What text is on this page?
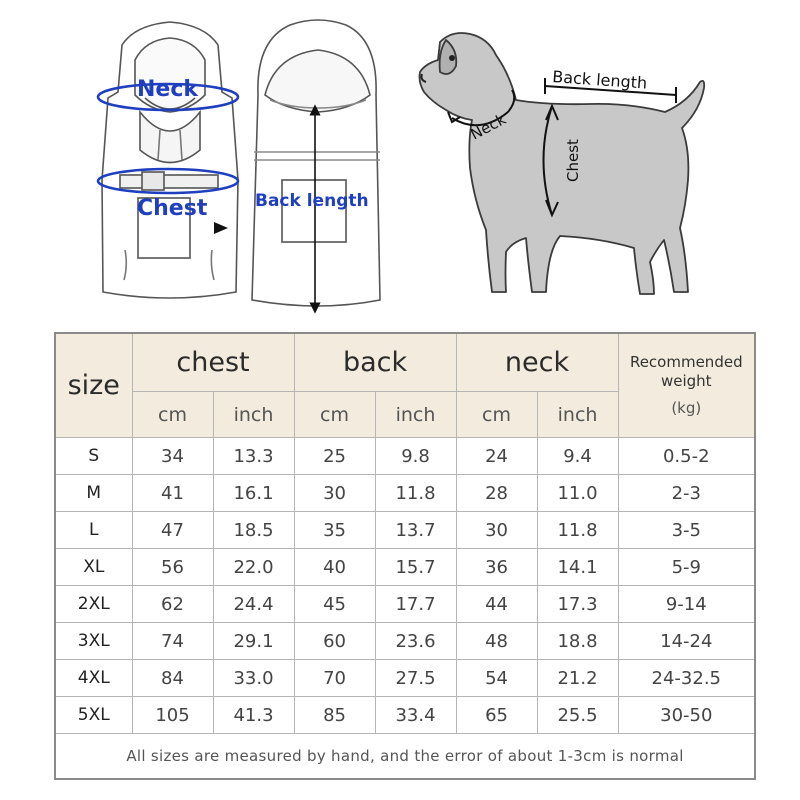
Neck
Chest	Back length
Back length
Neck
Chest
size	chest		back		neck		Recommended
weight
(kg)

	cm	inch	cm	inch	cm	inch	
S	34	13.3	25	9.8	24	9.4	0.5-2
M	41	16.1	30	11.8	28	11.0	2-3
L	47	18.5	35	13.7	30	11.8	3-5
XL	56	22.0	40	15.7	36	14.1	5-9
2XL	62	24.4	45	17.7	44	17.3	9-14
3XL	74	29.1	60	23.6	48	18.8	14-24
4XL	84	33.0	70	27.5	54	21.2	24-32.5
5XL	105	41.3	85	33.4	65	25.5	30-50
All sizes are measured by hand, and the error of about 1-3cm is normal							
